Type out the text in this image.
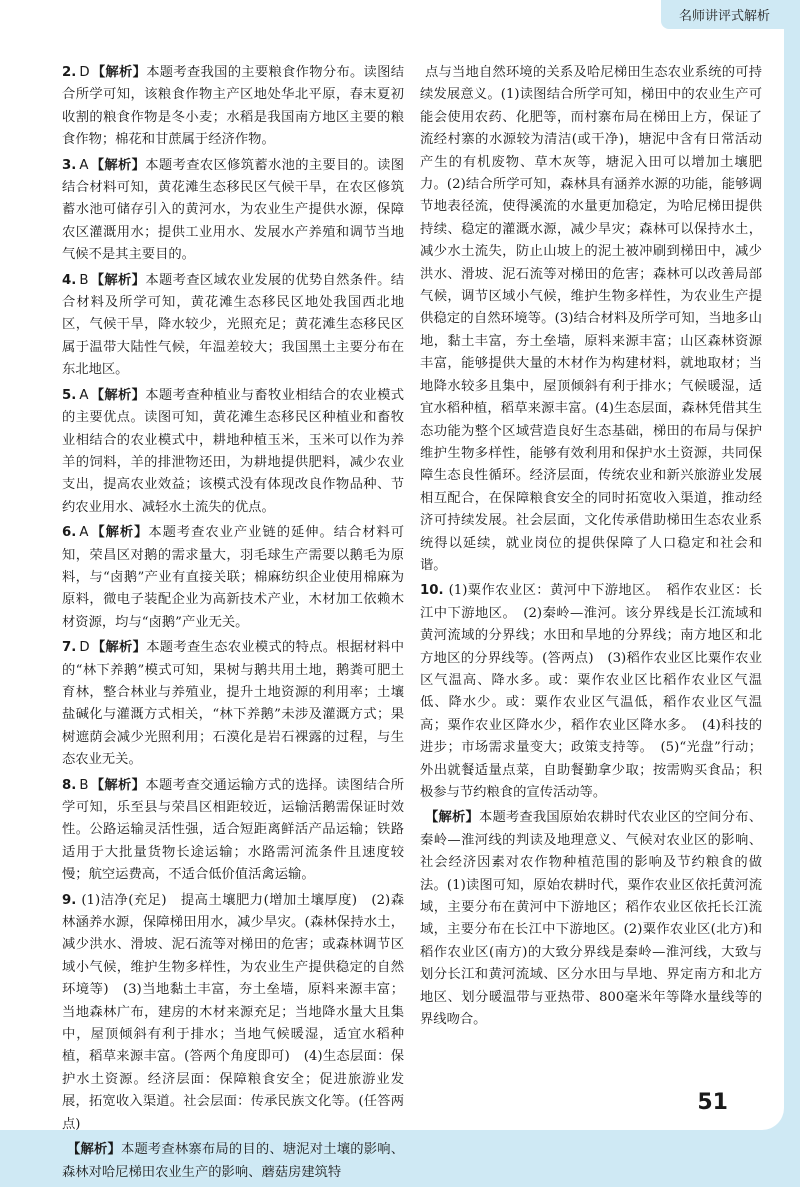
名师讲评式解析

2. D 【解析】本题考查我国的主要粮食作物分布。读图结合所学可知，该粮食作物主产区地处华北平原，春末夏初收割的粮食作物是冬小麦；水稻是我国南方地区主要的粮食作物；棉花和甘蔗属于经济作物。

3. A 【解析】本题考查农区修筑蓄水池的主要目的。读图结合材料可知，黄花滩生态移民区气候干旱，在农区修筑蓄水池可储存引入的黄河水，为农业生产提供水源，保障农区灌溉用水；提供工业用水、发展水产养殖和调节当地气候不是其主要目的。

4. B 【解析】本题考查区域农业发展的优势自然条件。结合材料及所学可知，黄花滩生态移民区地处我国西北地区，气候干旱，降水较少，光照充足；黄花滩生态移民区属于温带大陆性气候，年温差较大；我国黑土主要分布在东北地区。

5. A 【解析】本题考查种植业与畜牧业相结合的农业模式的主要优点。读图可知，黄花滩生态移民区种植业和畜牧业相结合的农业模式中，耕地种植玉米，玉米可以作为养羊的饲料，羊的排泄物还田，为耕地提供肥料，减少农业支出，提高农业效益；该模式没有体现改良作物品种、节约农业用水、减轻水土流失的优点。

6. A 【解析】本题考查农业产业链的延伸。结合材料可知，荣昌区对鹅的需求量大，羽毛球生产需要以鹅毛为原料，与“卤鹅”产业有直接关联；棉麻纺织企业使用棉麻为原料，微电子装配企业为高新技术产业，木材加工依赖木材资源，均与“卤鹅”产业无关。

7. D 【解析】本题考查生态农业模式的特点。根据材料中的“林下养鹅”模式可知，果树与鹅共用土地，鹅粪可肥土育林，整合林业与养殖业，提升土地资源的利用率；土壤盐碱化与灌溉方式相关，“林下养鹅”未涉及灌溉方式；果树遮荫会减少光照利用；石漠化是岩石裸露的过程，与生态农业无关。

8. B 【解析】本题考查交通运输方式的选择。读图结合所学可知，乐至县与荣昌区相距较近，运输活鹅需保证时效性。公路运输灵活性强，适合短距离鲜活产品运输；铁路适用于大批量货物长途运输；水路需河流条件且速度较慢；航空运费高，不适合低价值活禽运输。

9. (1)洁净(充足)　提高土壤肥力(增加土壤厚度)　(2)森林涵养水源，保障梯田用水，减少旱灾。(森林保持水土，减少洪水、滑坡、泥石流等对梯田的危害；或森林调节区域小气候，维护生物多样性，为农业生产提供稳定的自然环境等)　(3)当地黏土丰富，夯土垒墙，原料来源丰富；当地森林广布，建房的木材来源充足；当地降水量大且集中，屋顶倾斜有利于排水；当地气候暖湿，适宜水稻种植，稻草来源丰富。(答两个角度即可)　(4)生态层面：保护水土资源。经济层面：保障粮食安全；促进旅游业发展，拓宽收入渠道。社会层面：传承民族文化等。(任答两点)

【解析】本题考查林寨布局的目的、塘泥对土壤的影响、森林对哈尼梯田农业生产的影响、蘑菇房建筑特

点与当地自然环境的关系及哈尼梯田生态农业系统的可持续发展意义。(1)读图结合所学可知，梯田中的农业生产可能会使用农药、化肥等，而村寨布局在梯田上方，保证了流经村寨的水源较为清洁(或干净)，塘泥中含有日常活动产生的有机废物、草木灰等，塘泥入田可以增加土壤肥力。(2)结合所学可知，森林具有涵养水源的功能，能够调节地表径流，使得溪流的水量更加稳定，为哈尼梯田提供持续、稳定的灌溉水源，减少旱灾；森林可以保持水土，减少水土流失，防止山坡上的泥土被冲刷到梯田中，减少洪水、滑坡、泥石流等对梯田的危害；森林可以改善局部气候，调节区域小气候，维护生物多样性，为农业生产提供稳定的自然环境等。(3)结合材料及所学可知，当地多山地，黏土丰富，夯土垒墙，原料来源丰富；山区森林资源丰富，能够提供大量的木材作为构建材料，就地取材；当地降水较多且集中，屋顶倾斜有利于排水；气候暖湿，适宜水稻种植，稻草来源丰富。(4)生态层面，森林凭借其生态功能为整个区域营造良好生态基础，梯田的布局与保护维护生物多样性，能够有效利用和保护水土资源，共同保障生态良性循环。经济层面，传统农业和新兴旅游业发展相互配合，在保障粮食安全的同时拓宽收入渠道，推动经济可持续发展。社会层面，文化传承借助梯田生态农业系统得以延续，就业岗位的提供保障了人口稳定和社会和谐。

10. (1)粟作农业区：黄河中下游地区。　稻作农业区：长江中下游地区。　(2)秦岭—淮河。该分界线是长江流域和黄河流域的分界线；水田和旱地的分界线；南方地区和北方地区的分界线等。(答两点)　(3)稻作农业区比粟作农业区气温高、降水多。或：粟作农业区比稻作农业区气温低、降水少。或：粟作农业区气温低，稻作农业区气温高；粟作农业区降水少，稻作农业区降水多。　(4)科技的进步；市场需求量变大；政策支持等。　(5)“光盘”行动；外出就餐适量点菜，自助餐勤拿少取；按需购买食品；积极参与节约粮食的宣传活动等。

【解析】本题考查我国原始农耕时代农业区的空间分布、秦岭—淮河线的判读及地理意义、气候对农业区的影响、社会经济因素对农作物种植范围的影响及节约粮食的做法。(1)读图可知，原始农耕时代，粟作农业区依托黄河流域，主要分布在黄河中下游地区；稻作农业区依托长江流域，主要分布在长江中下游地区。(2)粟作农业区(北方)和稻作农业区(南方)的大致分界线是秦岭—淮河线，大致与划分长江和黄河流域、区分水田与旱地、界定南方和北方地区、划分暖温带与亚热带、800毫米年等降水量线等的界线吻合。

51
